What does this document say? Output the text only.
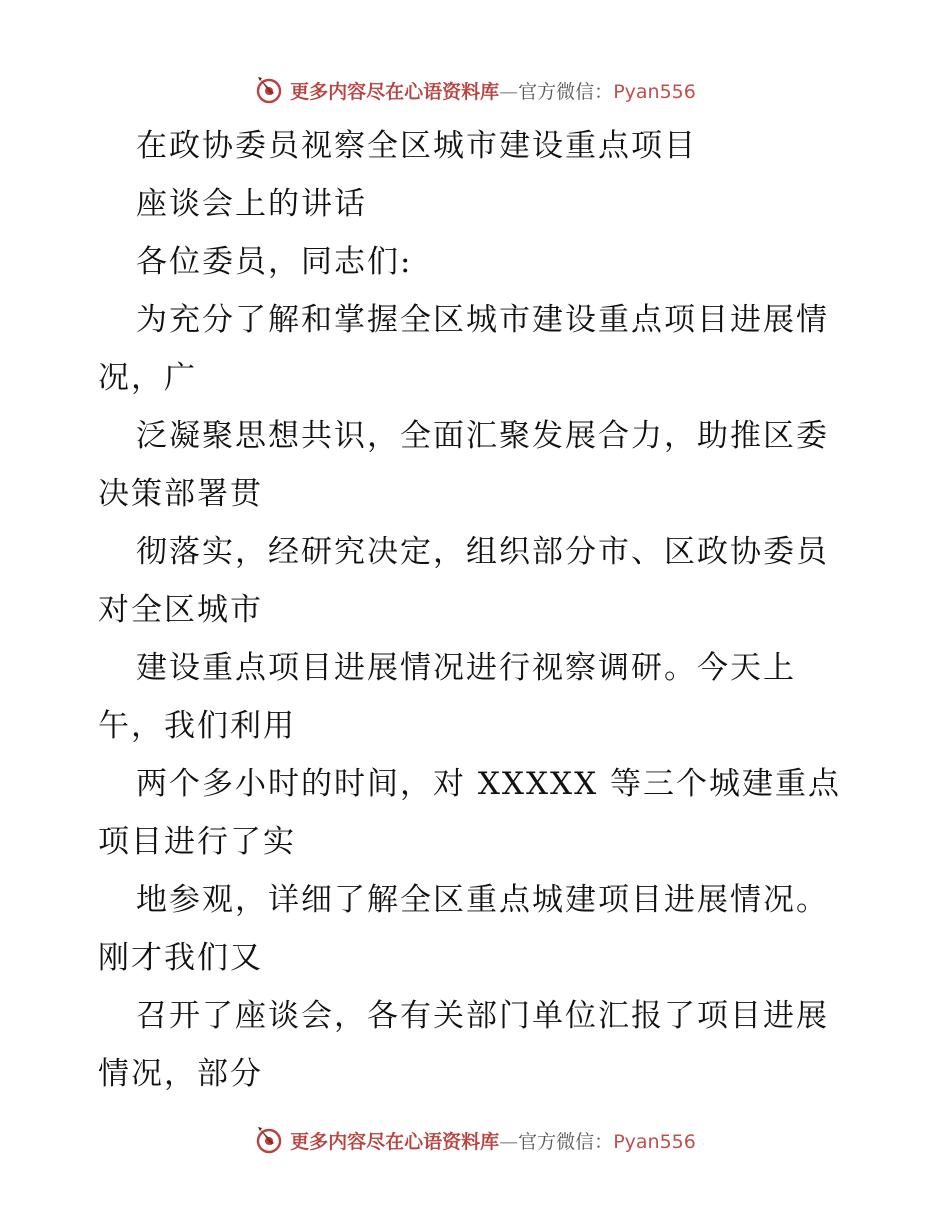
更多内容尽在心语资料库—官方微信：Pyan556
在政协委员视察全区城市建设重点项目
座谈会上的讲话
各位委员，同志们:
为充分了解和掌握全区城市建设重点项目进展情
况，广
泛凝聚思想共识，全面汇聚发展合力，助推区委
决策部署贯
彻落实，经研究决定，组织部分市、区政协委员
对全区城市
建设重点项目进展情况进行视察调研。今天上
午，我们利用
两个多小时的时间，对 XXXXX 等三个城建重点
项目进行了实
地参观，详细了解全区重点城建项目进展情况。
刚才我们又
召开了座谈会，各有关部门单位汇报了项目进展
情况，部分
更多内容尽在心语资料库—官方微信：Pyan556
